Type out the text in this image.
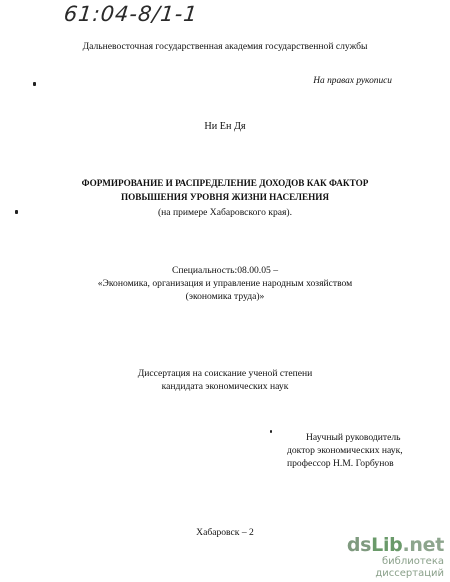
61:04-8/1-1
Дальневосточная государственная академия государственной службы
На правах рукописи
Ни Ен Дя
ФОРМИРОВАНИЕ И РАСПРЕДЕЛЕНИЕ ДОХОДОВ КАК ФАКТОР
ПОВЫШЕНИЯ УРОВНЯ ЖИЗНИ НАСЕЛЕНИЯ
(на примере Хабаровского края).
Специальность:08.00.05 –
«Экономика, организация и управление народным хозяйством
(экономика труда)»
Диссертация на соискание ученой степени
кандидата экономических наук
Научный руководитель
доктор экономических наук,
профессор Н.М. Горбунов
Хабаровск – 2
dsLib.net
библиотека диссертаций
